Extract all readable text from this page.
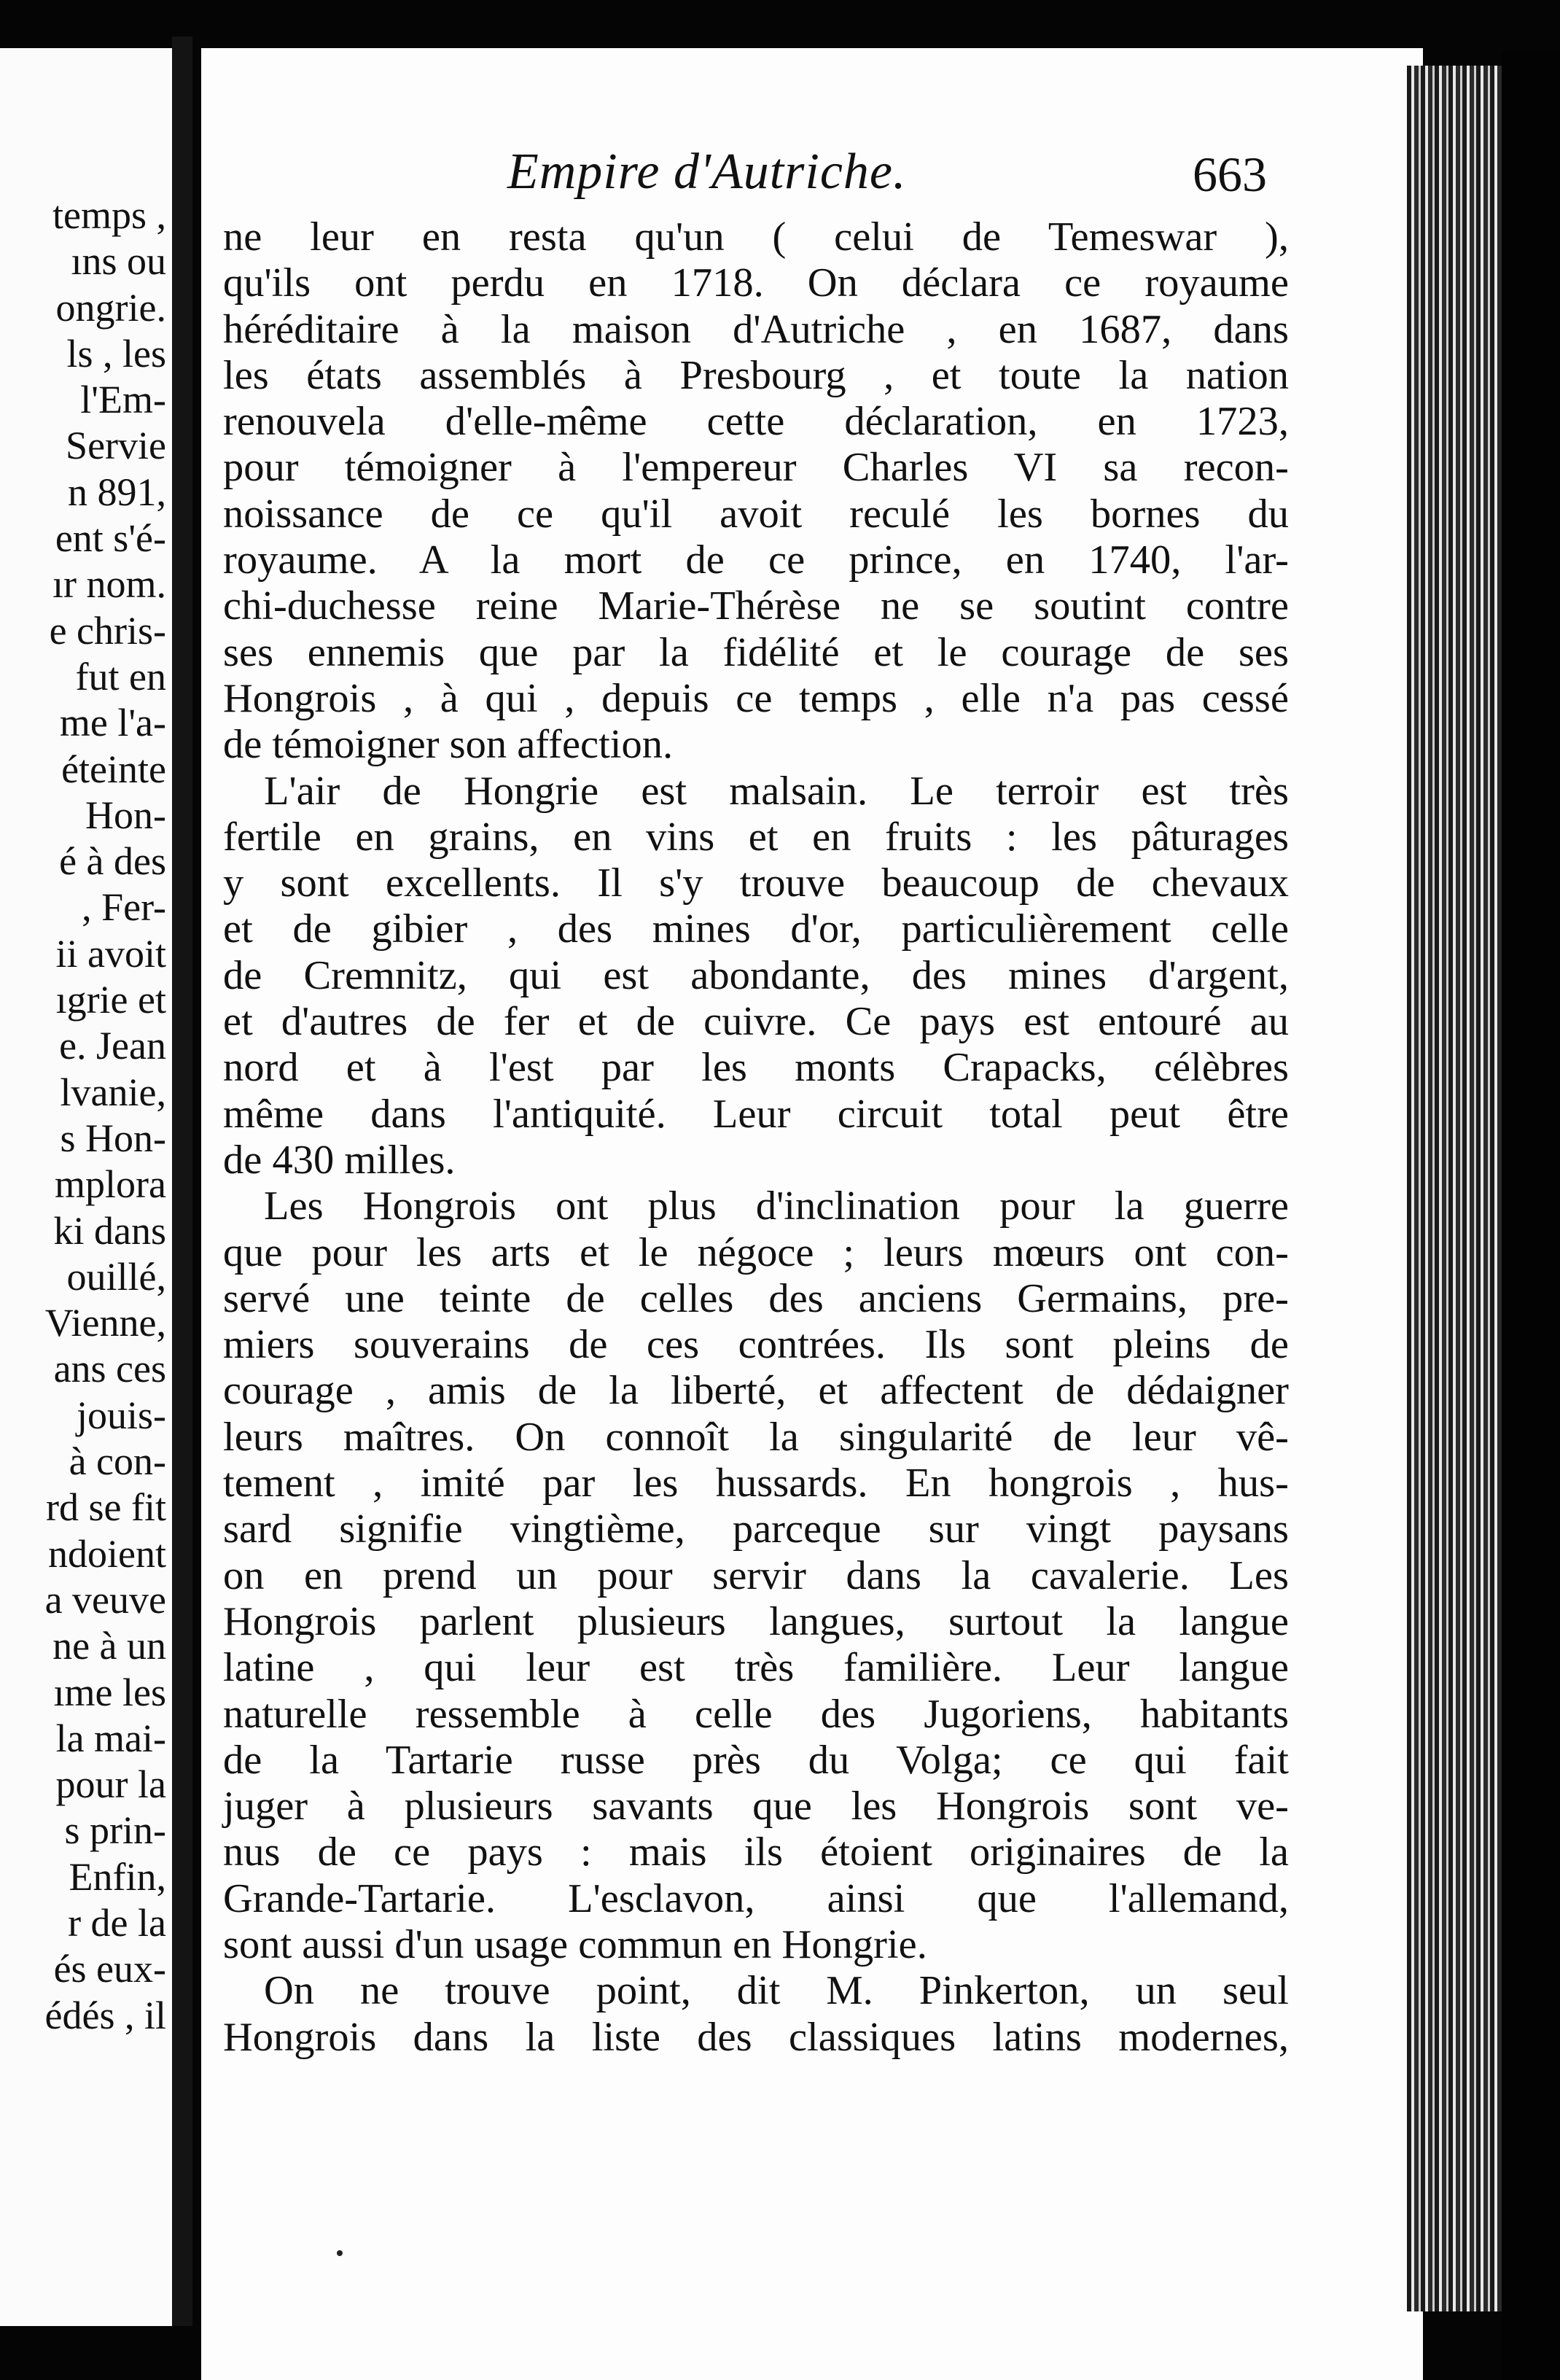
temps ,
ıns ou
ongrie.
ls , les
l'Em-
Servie
n 891,
ent s'é-
ır nom.
e chris-
fut en
me l'a-
éteinte
Hon-
é à des
, Fer-
ii avoit
ıgrie et
e. Jean
lvanie,
s Hon-
mplora
ki dans
ouillé,
Vienne,
ans ces
jouis-
à con-
rd se fit
ndoient
a veuve
ne à un
ıme les
la mai-
pour la
s prin-
Enfin,
r de la
és eux-
édés , il
Empire d'Autriche.	663
ne leur en resta qu'un ( celui de Temeswar ),
qu'ils ont perdu en 1718. On déclara ce royaume
héréditaire à la maison d'Autriche , en 1687, dans
les états assemblés à Presbourg , et toute la nation
renouvela d'elle-même cette déclaration, en 1723,
pour témoigner à l'empereur Charles VI sa recon-
noissance de ce qu'il avoit reculé les bornes du
royaume. A la mort de ce prince, en 1740, l'ar-
chi-duchesse reine Marie-Thérèse ne se soutint contre
ses ennemis que par la fidélité et le courage de ses
Hongrois , à qui , depuis ce temps , elle n'a pas cessé
de témoigner son affection.
L'air de Hongrie est malsain. Le terroir est très
fertile en grains, en vins et en fruits : les pâturages
y sont excellents. Il s'y trouve beaucoup de chevaux
et de gibier , des mines d'or, particulièrement celle
de Cremnitz, qui est abondante, des mines d'argent,
et d'autres de fer et de cuivre. Ce pays est entouré au
nord et à l'est par les monts Crapacks, célèbres
même dans l'antiquité. Leur circuit total peut être
de 430 milles.
Les Hongrois ont plus d'inclination pour la guerre
que pour les arts et le négoce ; leurs mœurs ont con-
servé une teinte de celles des anciens Germains, pre-
miers souverains de ces contrées. Ils sont pleins de
courage , amis de la liberté, et affectent de dédaigner
leurs maîtres. On connoît la singularité de leur vê-
tement , imité par les hussards. En hongrois , hus-
sard signifie vingtième, parceque sur vingt paysans
on en prend un pour servir dans la cavalerie. Les
Hongrois parlent plusieurs langues, surtout la langue
latine , qui leur est très familière. Leur langue
naturelle ressemble à celle des Jugoriens, habitants
de la Tartarie russe près du Volga; ce qui fait
juger à plusieurs savants que les Hongrois sont ve-
nus de ce pays : mais ils étoient originaires de la
Grande-Tartarie. L'esclavon, ainsi que l'allemand,
sont aussi d'un usage commun en Hongrie.
On ne trouve point, dit M. Pinkerton, un seul
Hongrois dans la liste des classiques latins modernes,
